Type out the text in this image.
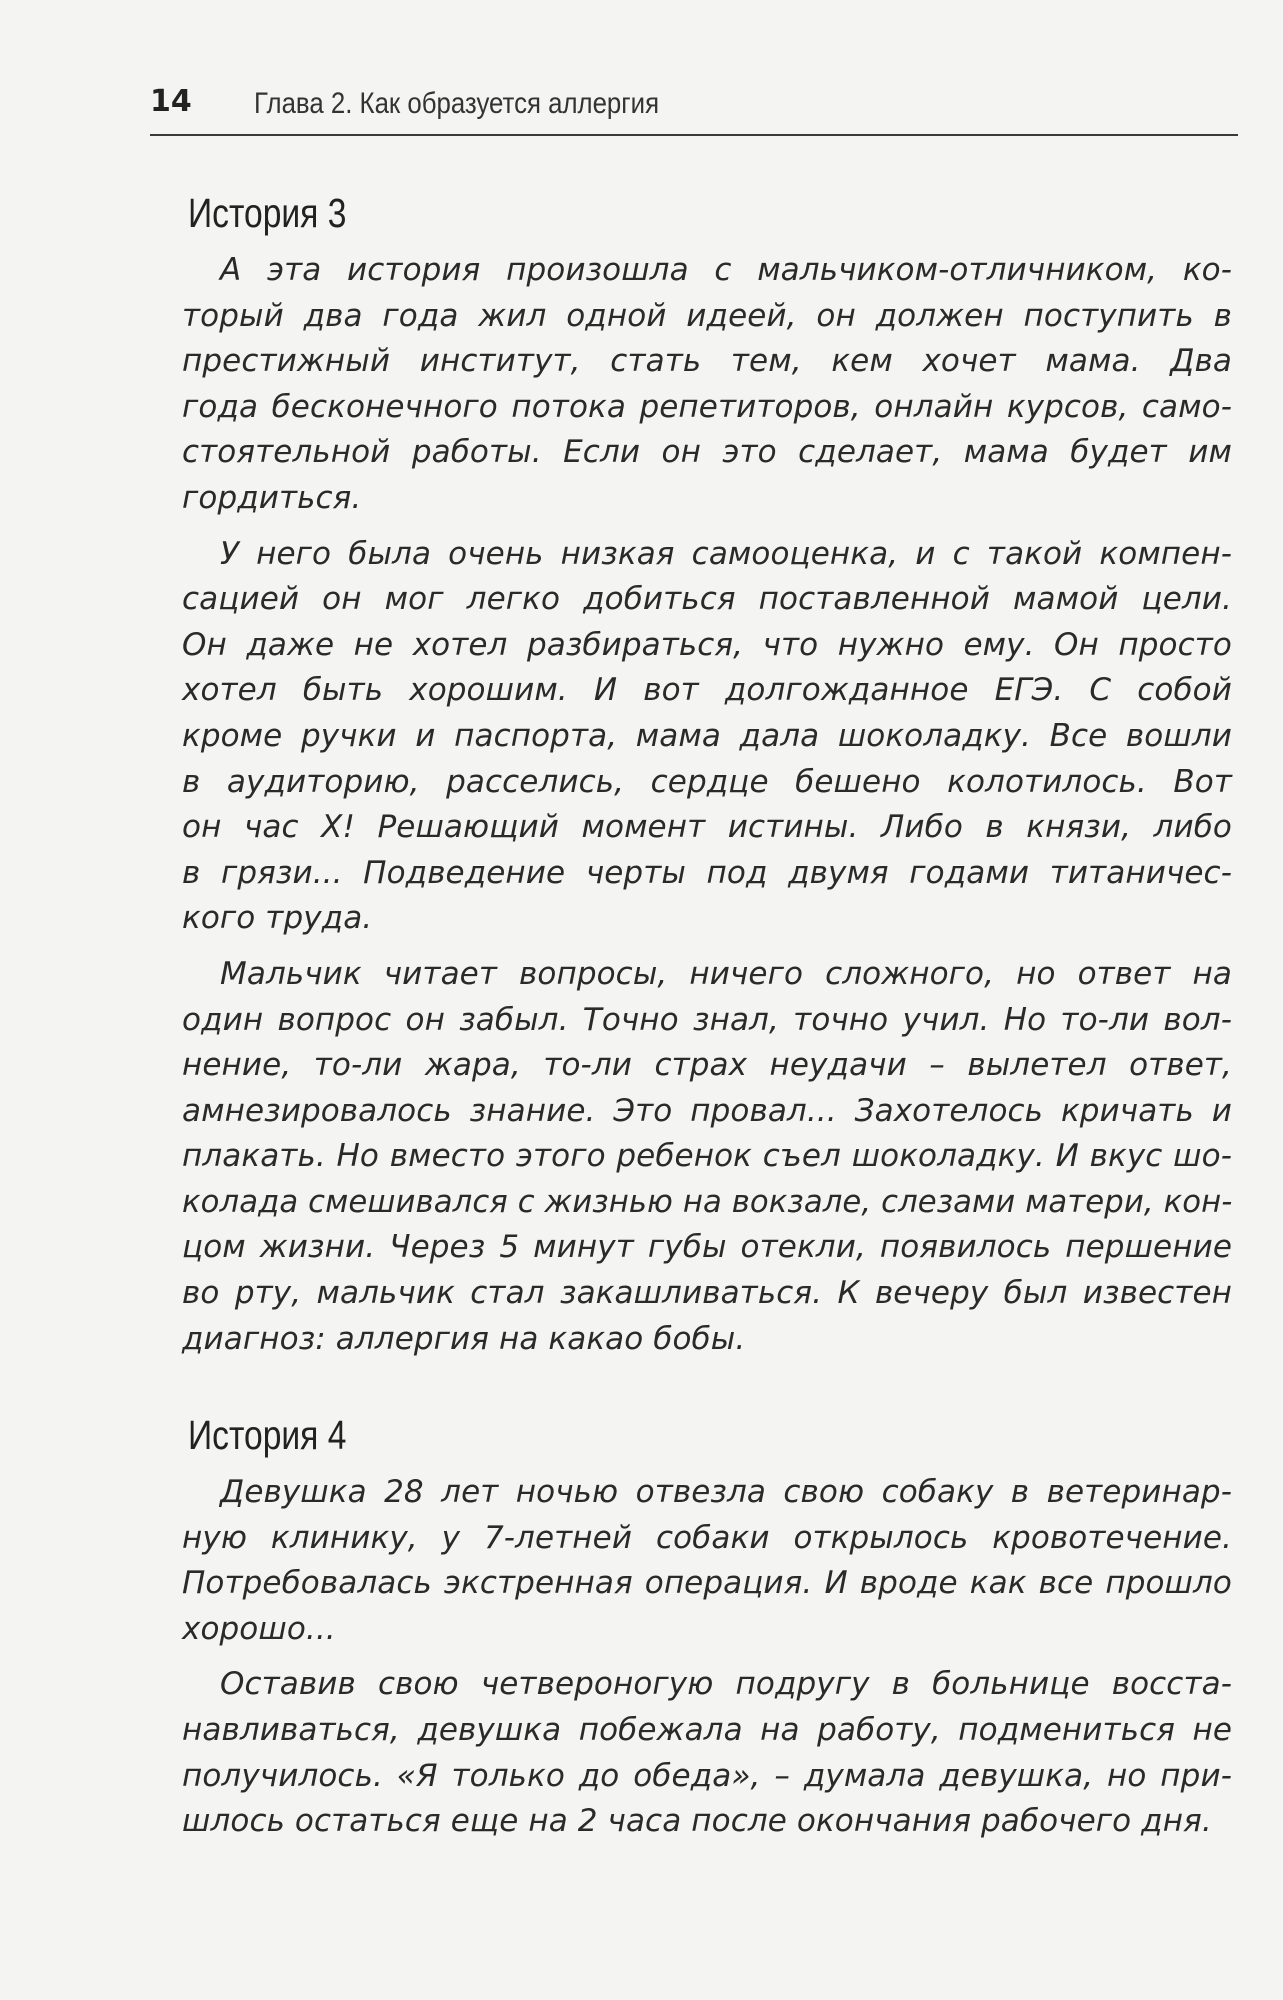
14 Глава 2. Как образуется аллергия
История 3
А эта история произошла с мальчиком-отличником, ко-
торый два года жил одной идеей, он должен поступить в
престижный институт, стать тем, кем хочет мама. Два
года бесконечного потока репетиторов, онлайн курсов, само-
стоятельной работы. Если он это сделает, мама будет им
гордиться.
У него была очень низкая самооценка, и с такой компен-
сацией он мог легко добиться поставленной мамой цели.
Он даже не хотел разбираться, что нужно ему. Он просто
хотел быть хорошим. И вот долгожданное ЕГЭ. С собой
кроме ручки и паспорта, мама дала шоколадку. Все вошли
в аудиторию, расселись, сердце бешено колотилось. Вот
он час Х! Решающий момент истины. Либо в князи, либо
в грязи... Подведение черты под двумя годами титаничес-
кого труда.
Мальчик читает вопросы, ничего сложного, но ответ на
один вопрос он забыл. Точно знал, точно учил. Но то-ли вол-
нение, то-ли жара, то-ли страх неудачи – вылетел ответ,
амнезировалось знание. Это провал... Захотелось кричать и
плакать. Но вместо этого ребенок съел шоколадку. И вкус шо-
колада смешивался с жизнью на вокзале, слезами матери, кон-
цом жизни. Через 5 минут губы отекли, появилось першение
во рту, мальчик стал закашливаться. К вечеру был известен
диагноз: аллергия на какао бобы.
История 4
Девушка 28 лет ночью отвезла свою собаку в ветеринар-
ную клинику, у 7-летней собаки открылось кровотечение.
Потребовалась экстренная операция. И вроде как все прошло
хорошо...
Оставив свою четвероногую подругу в больнице восста-
навливаться, девушка побежала на работу, подмениться не
получилось. «Я только до обеда», – думала девушка, но при-
шлось остаться еще на 2 часа после окончания рабочего дня.
